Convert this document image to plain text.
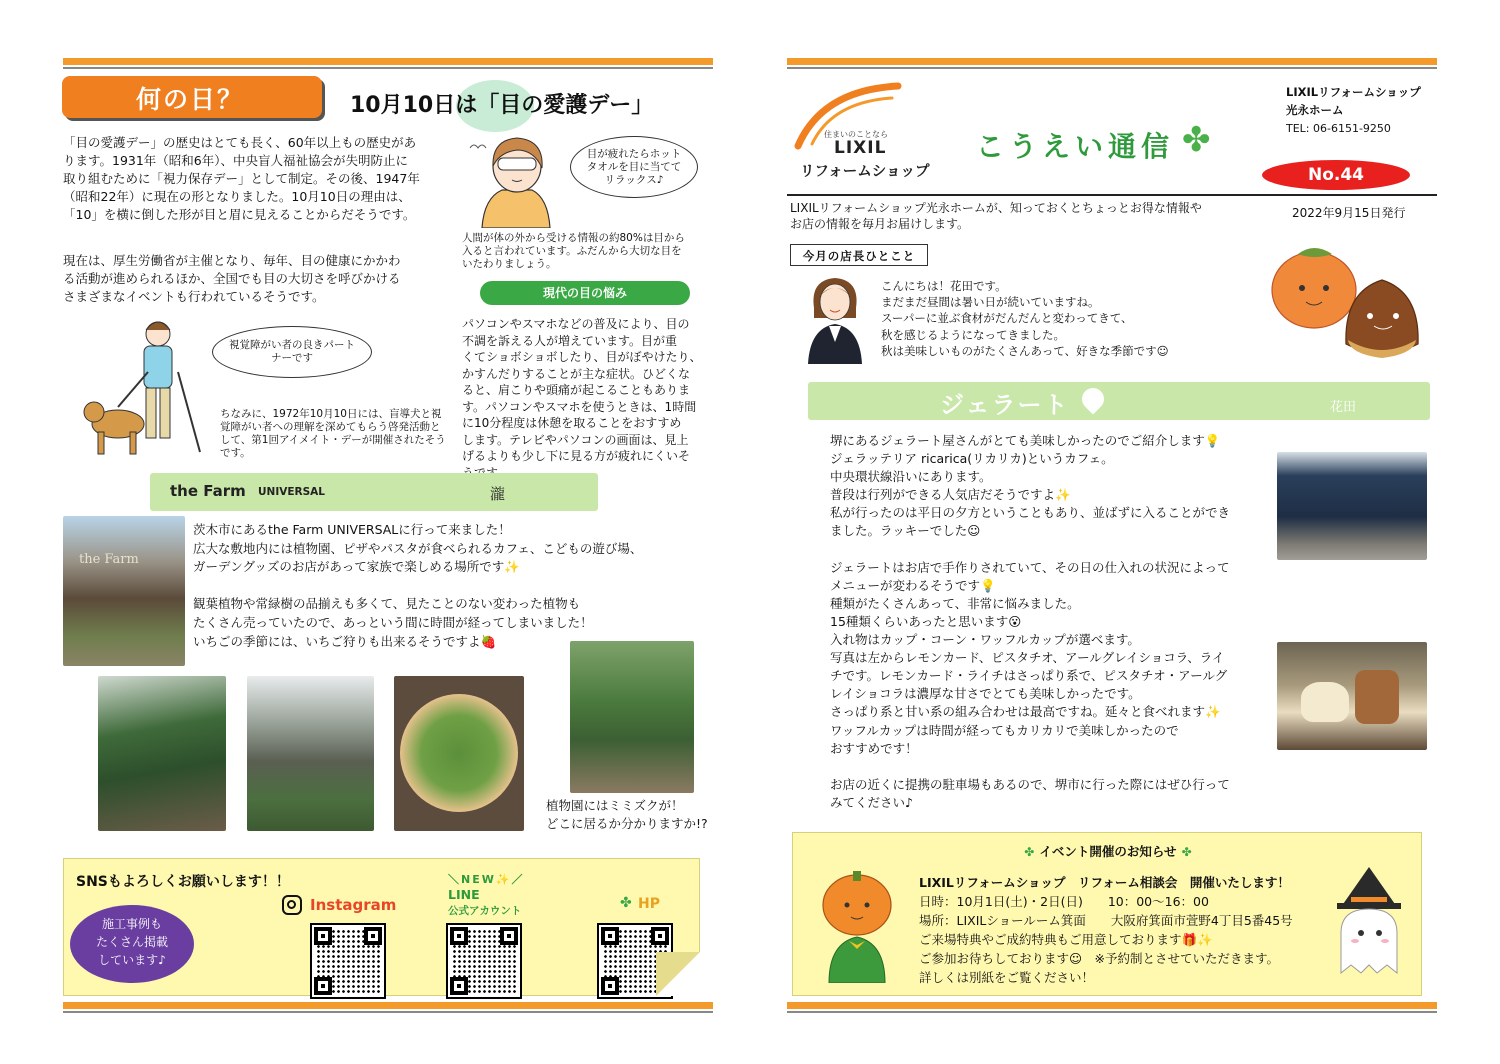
何の日？	10月10日は「目の愛護デー」
「目の愛護デー」の歴史はとても長く、60年以上もの歴史があ
ります。1931年（昭和6年）、中央盲人福祉協会が失明防止に
取り組むために「視力保存デー」として制定。その後、1947年
（昭和22年）に現在の形となりました。10月10日の理由は、
「10」を横に倒した形が目と眉に見えることからだそうです。
現在は、厚生労働省が主催となり、毎年、目の健康にかかわ
る活動が進められるほか、全国でも目の大切さを呼びかける
さまざまなイベントも行われているそうです。
目が疲れたらホットタオルを目に当ててリラックス♪
人間が体の外から受ける情報の約80%は目から入ると言われています。ふだんから大切な目をいたわりましょう。
現代の目の悩み
パソコンやスマホなどの普及により、目の
不調を訴える人が増えています。目が重
くてショボショボしたり、目がぼやけたり、
かすんだりすることが主な症状。ひどくな
ると、肩こりや頭痛が起こることもありま
す。パソコンやスマホを使うときは、1時間
に10分程度は休憩を取ることをおすすめ
します。テレビやパソコンの画面は、見上
げるよりも少し下に見る方が疲れにくいそ
視覚障がい者の良きパートナーです
ちなみに、1972年10月10日には、盲導犬と視覚障がい者への理解を深めてもらう啓発活動として、第1回アイメイト・デーが開催されたそうです。
the Farm UNIVERSAL	瀧
the Farm
茨木市にあるthe Farm UNIVERSALに行って来ました！
広大な敷地内には植物園、ピザやパスタが食べられるカフェ、こどもの遊び場、
ガーデングッズのお店があって家族で楽しめる場所です✨
観葉植物や常緑樹の品揃えも多くて、見たことのない変わった植物も
たくさん売っていたので、あっという間に時間が経ってしまいました！
いちごの季節には、いちご狩りも出来るそうですよ🍓
植物園にはミミズクが！
どこに居るか分かりますか!?
SNSもよろしくお願いします！！
施工事例も
たくさん掲載
しています♪
Instagram
＼NEW✨／
LINE
公式アカウント	✤ HP
住まいのことなら
LIXIL
リフォームショップ
こうえい通信 ✤
LIXILリフォームショップ
光永ホーム
TEL: 06-6151-9250
No.44
LIXILリフォームショップ光永ホームが、知っておくとちょっとお得な情報や
お店の情報を毎月お届けします。
2022年9月15日発行
今月の店長ひとこと
こんにちは！花田です。
まだまだ昼間は暑い日が続いていますね。
スーパーに並ぶ食材がだんだんと変わってきて、
秋を感じるようになってきました。
秋は美味しいものがたくさんあって、好きな季節です☺
ジェラート	花田
堺にあるジェラート屋さんがとても美味しかったのでご紹介します💡
ジェラッテリア ricarica(リカリカ)というカフェ。
中央環状線沿いにあります。
普段は行列ができる人気店だそうですよ✨
私が行ったのは平日の夕方ということもあり、並ばずに入ることができ
ました。ラッキーでした☺
ジェラートはお店で手作りされていて、その日の仕入れの状況によって
メニューが変わるそうです💡
種類がたくさんあって、非常に悩みました。
15種類くらいあったと思います😮
入れ物はカップ・コーン・ワッフルカップが選べます。
写真は左からレモンカード、ピスタチオ、アールグレイショコラ、ライ
チです。レモンカード・ライチはさっぱり系で、ピスタチオ・アールグ
レイショコラは濃厚な甘さでとても美味しかったです。
さっぱり系と甘い系の組み合わせは最高ですね。延々と食べれます✨
ワッフルカップは時間が経ってもカリカリで美味しかったので
おすすめです！
お店の近くに提携の駐車場もあるので、堺市に行った際にはぜひ行って
みてください♪
✤ イベント開催のお知らせ ✤
LIXILリフォームショップ　リフォーム相談会　開催いたします！
日時：10月1日(土)・2日(日)　　10：00～16：00
場所：LIXILショールーム箕面　　大阪府箕面市萱野4丁目5番45号
ご来場特典やご成約特典もご用意しております🎁✨
ご参加お待ちしております☺　※予約制とさせていただきます。
詳しくは別紙をご覧ください！
